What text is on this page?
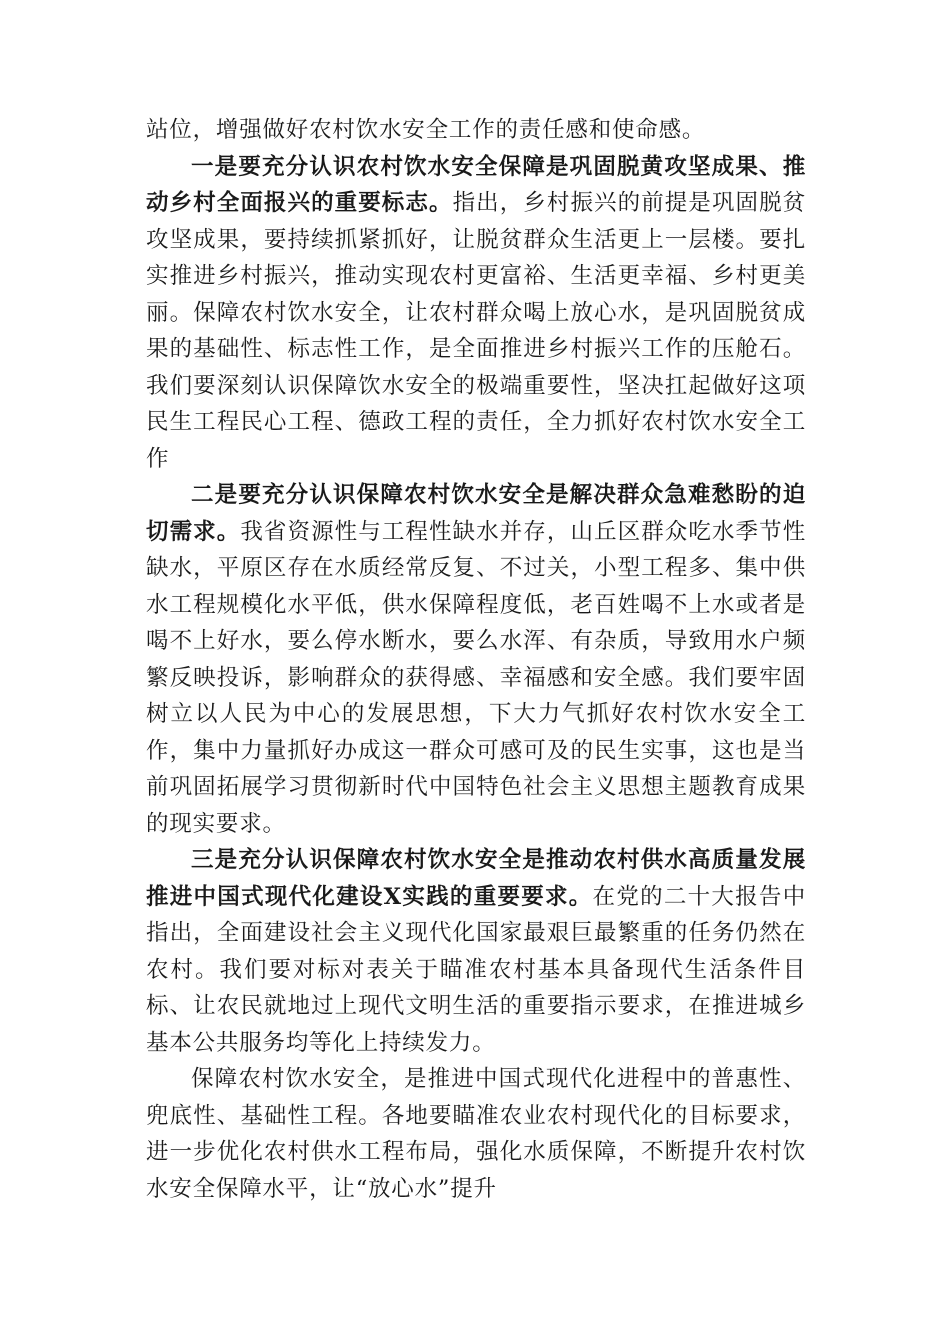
站位，增强做好农村饮水安全工作的责任感和使命感。

一是要充分认识农村饮水安全保障是巩固脱黄攻坚成果、推动乡村全面报兴的重要标志。指出，乡村振兴的前提是巩固脱贫攻坚成果，要持续抓紧抓好，让脱贫群众生活更上一层楼。要扎实推进乡村振兴，推动实现农村更富裕、生活更幸福、乡村更美丽。保障农村饮水安全，让农村群众喝上放心水，是巩固脱贫成果的基础性、标志性工作，是全面推进乡村振兴工作的压舱石。我们要深刻认识保障饮水安全的极端重要性，坚决扛起做好这项民生工程民心工程、德政工程的责任，全力抓好农村饮水安全工作

二是要充分认识保障农村饮水安全是解决群众急难愁盼的迫切需求。我省资源性与工程性缺水并存，山丘区群众吃水季节性缺水，平原区存在水质经常反复、不过关，小型工程多、集中供水工程规模化水平低，供水保障程度低，老百姓喝不上水或者是喝不上好水，要么停水断水，要么水浑、有杂质，导致用水户频繁反映投诉，影响群众的获得感、幸福感和安全感。我们要牢固树立以人民为中心的发展思想，下大力气抓好农村饮水安全工作，集中力量抓好办成这一群众可感可及的民生实事，这也是当前巩固拓展学习贯彻新时代中国特色社会主义思想主题教育成果的现实要求。

三是充分认识保障农村饮水安全是推动农村供水高质量发展推进中国式现代化建设X实践的重要要求。在党的二十大报告中指出，全面建设社会主义现代化国家最艰巨最繁重的任务仍然在农村。我们要对标对表关于瞄准农村基本具备现代生活条件目标、让农民就地过上现代文明生活的重要指示要求，在推进城乡基本公共服务均等化上持续发力。

保障农村饮水安全，是推进中国式现代化进程中的普惠性、兜底性、基础性工程。各地要瞄准农业农村现代化的目标要求，进一步优化农村供水工程布局，强化水质保障，不断提升农村饮水安全保障水平，让“放心水”提升
